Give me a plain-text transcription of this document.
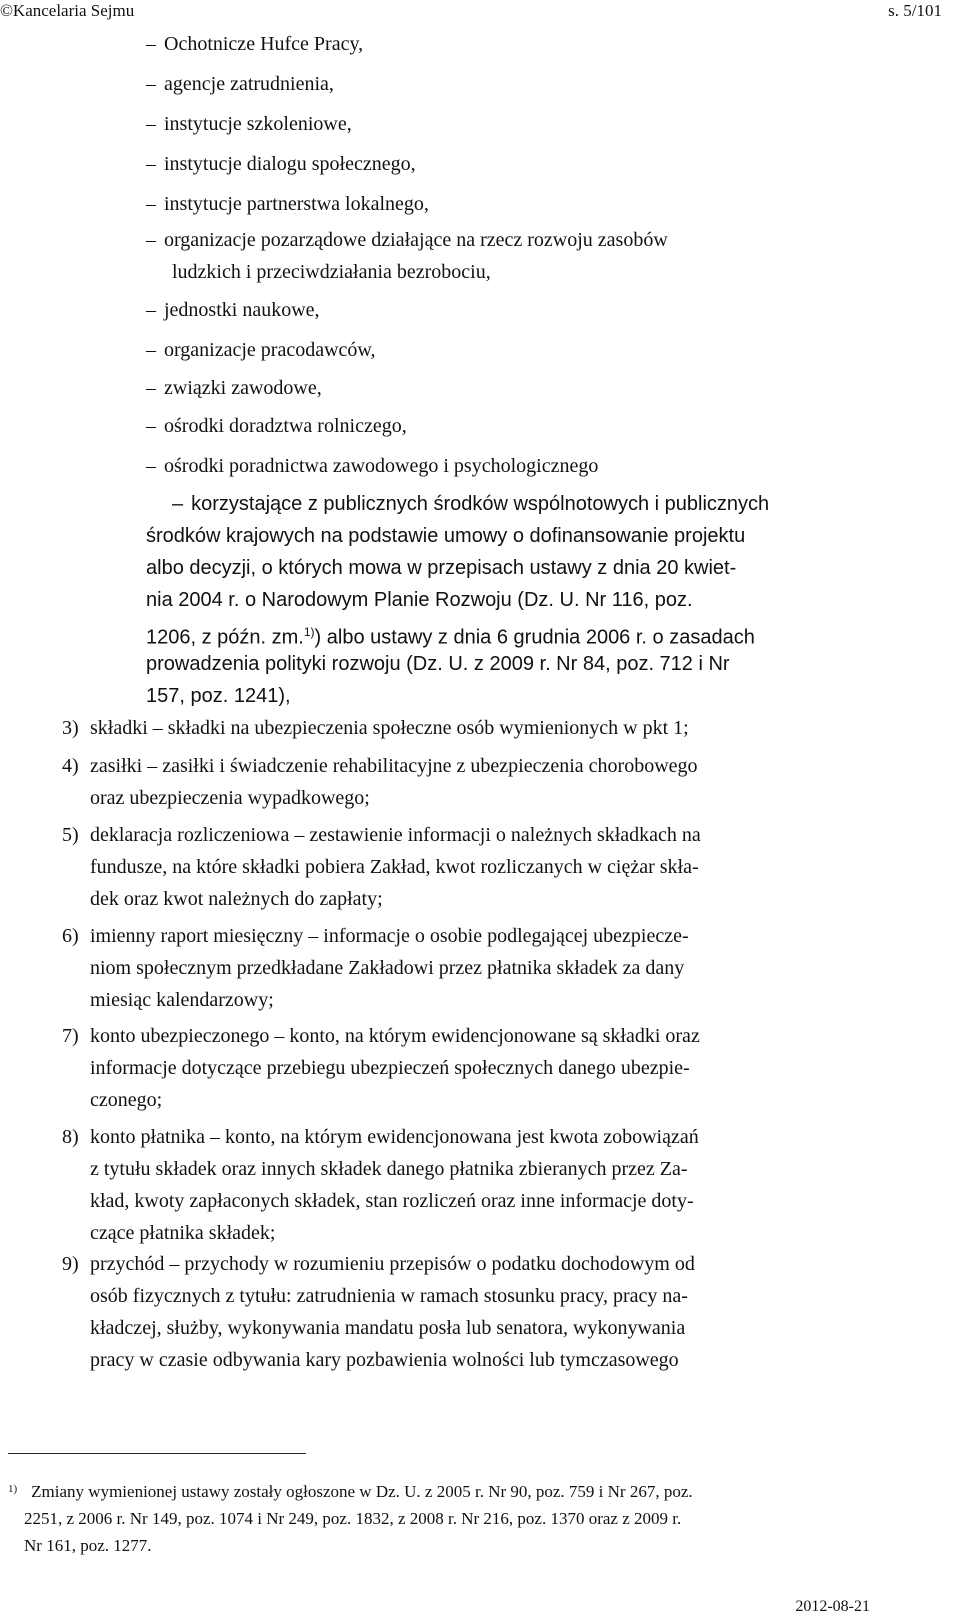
©Kancelaria Sejmu	s. 5/101
– Ochotnicze Hufce Pracy,
– agencje zatrudnienia,
– instytucje szkoleniowe,
– instytucje dialogu społecznego,
– instytucje partnerstwa lokalnego,
– organizacje pozarządowe działające na rzecz rozwoju zasobów
ludzkich i przeciwdziałania bezrobociu,
– jednostki naukowe,
– organizacje pracodawców,
– związki zawodowe,
– ośrodki doradztwa rolniczego,
– ośrodki poradnictwa zawodowego i psychologicznego
– korzystające z publicznych środków wspólnotowych i publicznych
środków krajowych na podstawie umowy o dofinansowanie projektu
albo decyzji, o których mowa w przepisach ustawy z dnia 20 kwiet-
nia 2004 r. o Narodowym Planie Rozwoju (Dz. U. Nr 116, poz.
1206, z późn. zm.$^{1)}$) albo ustawy z dnia 6 grudnia 2006 r. o zasadach
prowadzenia polityki rozwoju (Dz. U. z 2009 r. Nr 84, poz. 712 i Nr
157, poz. 1241),
3) składki – składki na ubezpieczenia społeczne osób wymienionych w pkt 1;
4) zasiłki – zasiłki i świadczenie rehabilitacyjne z ubezpieczenia chorobowego
oraz ubezpieczenia wypadkowego;
5) deklaracja rozliczeniowa – zestawienie informacji o należnych składkach na
fundusze, na które składki pobiera Zakład, kwot rozliczanych w ciężar skła-
dek oraz kwot należnych do zapłaty;
6) imienny raport miesięczny – informacje o osobie podlegającej ubezpiecze-
niom społecznym przedkładane Zakładowi przez płatnika składek za dany
miesiąc kalendarzowy;
7) konto ubezpieczonego – konto, na którym ewidencjonowane są składki oraz
informacje dotyczące przebiegu ubezpieczeń społecznych danego ubezpie-
czonego;
8) konto płatnika – konto, na którym ewidencjonowana jest kwota zobowiązań
z tytułu składek oraz innych składek danego płatnika zbieranych przez Za-
kład, kwoty zapłaconych składek, stan rozliczeń oraz inne informacje doty-
czące płatnika składek;
9) przychód – przychody w rozumieniu przepisów o podatku dochodowym od
osób fizycznych z tytułu: zatrudnienia w ramach stosunku pracy, pracy na-
kładczej, służby, wykonywania mandatu posła lub senatora, wykonywania
pracy w czasie odbywania kary pozbawienia wolności lub tymczasowego
$^{1)}$ Zmiany wymienionej ustawy zostały ogłoszone w Dz. U. z 2005 r. Nr 90, poz. 759 i Nr 267, poz.
2251, z 2006 r. Nr 149, poz. 1074 i Nr 249, poz. 1832, z 2008 r. Nr 216, poz. 1370 oraz z 2009 r.
Nr 161, poz. 1277.
2012-08-21
